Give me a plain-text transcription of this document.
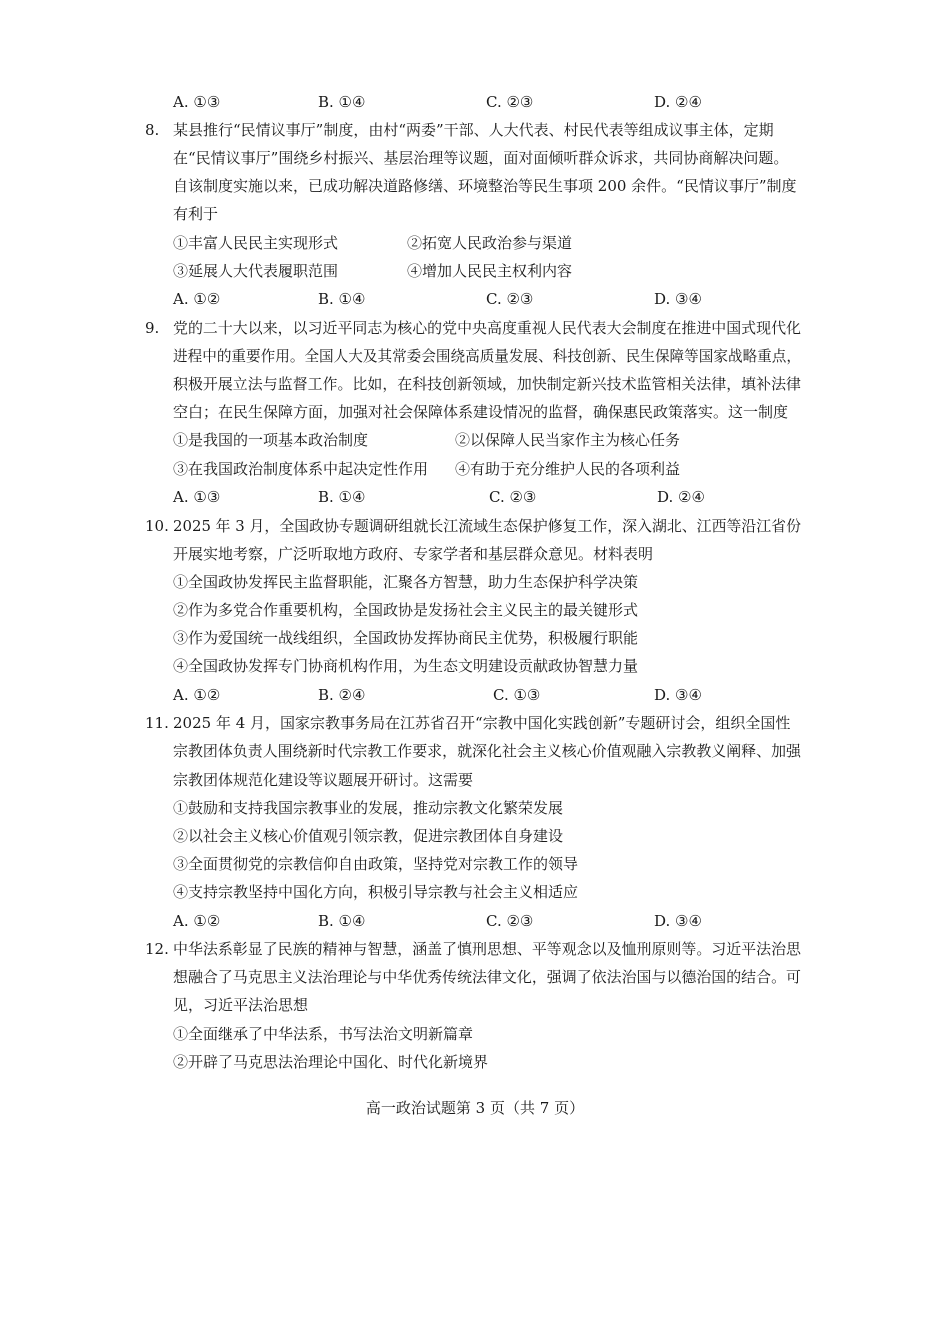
A. ①③	B. ①④	C. ②③	D. ②④
8. 某县推行“民情议事厅”制度，由村“两委”干部、人大代表、村民代表等组成议事主体，定期
在“民情议事厅”围绕乡村振兴、基层治理等议题，面对面倾听群众诉求，共同协商解决问题。
自该制度实施以来，已成功解决道路修缮、环境整治等民生事项 200 余件。“民情议事厅”制度
有利于
①丰富人民民主实现形式	②拓宽人民政治参与渠道
③延展人大代表履职范围	④增加人民民主权利内容
A. ①②	B. ①④	C. ②③	D. ③④
9. 党的二十大以来，以习近平同志为核心的党中央高度重视人民代表大会制度在推进中国式现代化
进程中的重要作用。全国人大及其常委会围绕高质量发展、科技创新、民生保障等国家战略重点，
积极开展立法与监督工作。比如，在科技创新领域，加快制定新兴技术监管相关法律，填补法律
空白；在民生保障方面，加强对社会保障体系建设情况的监督，确保惠民政策落实。这一制度
①是我国的一项基本政治制度	②以保障人民当家作主为核心任务
③在我国政治制度体系中起决定性作用 ④有助于充分维护人民的各项利益
A. ①③	B. ①④	C. ②③	D. ②④
10. 2025 年 3 月，全国政协专题调研组就长江流域生态保护修复工作，深入湖北、江西等沿江省份
开展实地考察，广泛听取地方政府、专家学者和基层群众意见。材料表明
①全国政协发挥民主监督职能，汇聚各方智慧，助力生态保护科学决策
②作为多党合作重要机构，全国政协是发扬社会主义民主的最关键形式
③作为爱国统一战线组织，全国政协发挥协商民主优势，积极履行职能
④全国政协发挥专门协商机构作用，为生态文明建设贡献政协智慧力量
A. ①②	B. ②④	C. ①③	D. ③④
11. 2025 年 4 月，国家宗教事务局在江苏省召开“宗教中国化实践创新”专题研讨会，组织全国性
宗教团体负责人围绕新时代宗教工作要求，就深化社会主义核心价值观融入宗教教义阐释、加强
宗教团体规范化建设等议题展开研讨。这需要
①鼓励和支持我国宗教事业的发展，推动宗教文化繁荣发展
②以社会主义核心价值观引领宗教，促进宗教团体自身建设
③全面贯彻党的宗教信仰自由政策，坚持党对宗教工作的领导
④支持宗教坚持中国化方向，积极引导宗教与社会主义相适应
A. ①②	B. ①④	C. ②③	D. ③④
12. 中华法系彰显了民族的精神与智慧，涵盖了慎刑思想、平等观念以及恤刑原则等。习近平法治思
想融合了马克思主义法治理论与中华优秀传统法律文化，强调了依法治国与以德治国的结合。可
见，习近平法治思想
①全面继承了中华法系，书写法治文明新篇章
②开辟了马克思法治理论中国化、时代化新境界
高一政治试题第 3 页（共 7 页）
